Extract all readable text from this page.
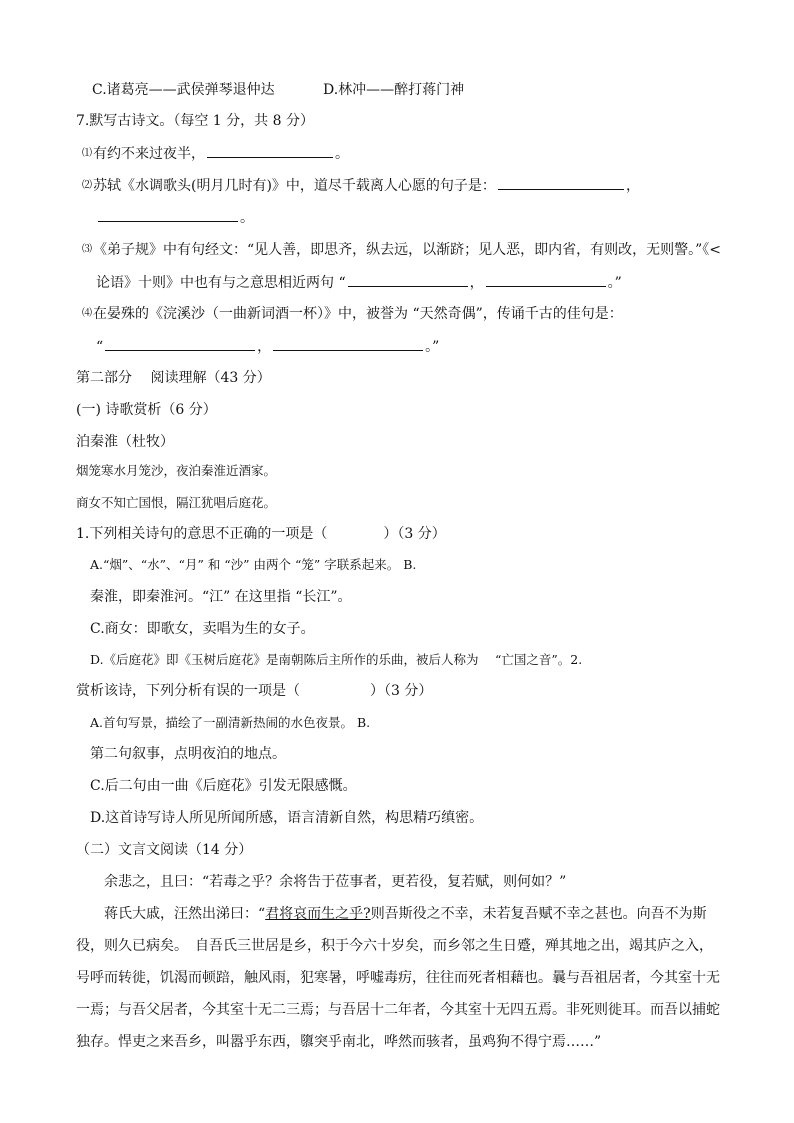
C.诸葛亮——武侯弹琴退仲达	D.林冲——醉打蒋门神
7.默写古诗文。（每空 1 分，共 8 分）
⑴有约不来过夜半，	。
⑵苏轼《水调歌头(明月几时有)》中，道尽千载离人心愿的句子是：	，
。
⑶《弟子规》中有句经文：“见人善，即思齐，纵去远，以渐跻；见人恶，即内省，有则改，无则警。”《<
论语》十则》中也有与之意思相近两句 “	，	。”
⑷在晏殊的《浣溪沙（一曲新词酒一杯）》中，被誉为 “天然奇偶”，传诵千古的佳句是：
“	，	。”
第二部分　 阅读理解（43 分）
(一) 诗歌赏析（6 分）
泊秦淮（杜牧）
烟笼寒水月笼沙，夜泊秦淮近酒家。
商女不知亡国恨，隔江犹唱后庭花。
1.下列相关诗句的意思不正确的一项是（　　　　）（3 分）
A.“烟”、“水”、“月” 和 “沙” 由两个 “笼” 字联系起来。 B.
秦淮，即秦淮河。“江” 在这里指 “长江”。
C.商女：即歌女，卖唱为生的女子。
D.《后庭花》即《玉树后庭花》是南朝陈后主所作的乐曲，被后人称为　 “亡国之音”。2.
赏析该诗，下列分析有误的一项是（　　　　　）（3 分）
A.首句写景，描绘了一副清新热闹的水色夜景。 B.
第二句叙事，点明夜泊的地点。
C.后二句由一曲《后庭花》引发无限感慨。
D.这首诗写诗人所见所闻所感，语言清新自然，构思精巧缜密。
（二）文言文阅读（14 分）
余悲之，且曰：“若毒之乎？余将告于莅事者，更若役，复若赋，则何如？”
蒋氏大戚，汪然出涕曰：“君将哀而生之乎?则吾斯役之不幸，未若复吾赋不幸之甚也。向吾不为斯
役，则久已病矣。　自吾氏三世居是乡，积于今六十岁矣，而乡邻之生日蹙，殚其地之出，竭其庐之入，
号呼而转徙，饥渴而顿踣，触风雨，犯寒暑，呼嘘毒疠，往往而死者相藉也。曩与吾祖居者，今其室十无
一焉；与吾父居者，今其室十无二三焉；与吾居十二年者，今其室十无四五焉。非死则徙耳。而吾以捕蛇
独存。悍吏之来吾乡，叫嚣乎东西，隳突乎南北，哗然而骇者，虽鸡狗不得宁焉……”
